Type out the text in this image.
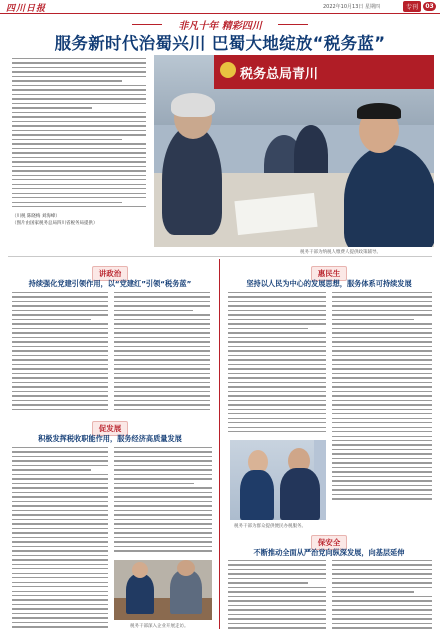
四川日报	2022年10月13日 星期四	专刊	03
非凡十年 精彩四川
服务新时代治蜀兴川 巴蜀大地绽放“税务蓝”
（川税 陈晓梅 刘海峰）
（图片由国家税务总局四川省税务局提供）
税务总局青川
税务干部为纳税人缴费人提供政策辅导。
讲政治
持续强化党建引领作用，以“党建红”引领“税务蓝”
惠民生
坚持以人民为中心的发展思想，服务体系可持续发展
促发展
积极发挥税收职能作用，服务经济高质量发展
税务干部深入企业开展走访。
税务干部为群众提供便民办税服务。
保安全
不断推动全面从严治党向纵深发展，向基层延伸
